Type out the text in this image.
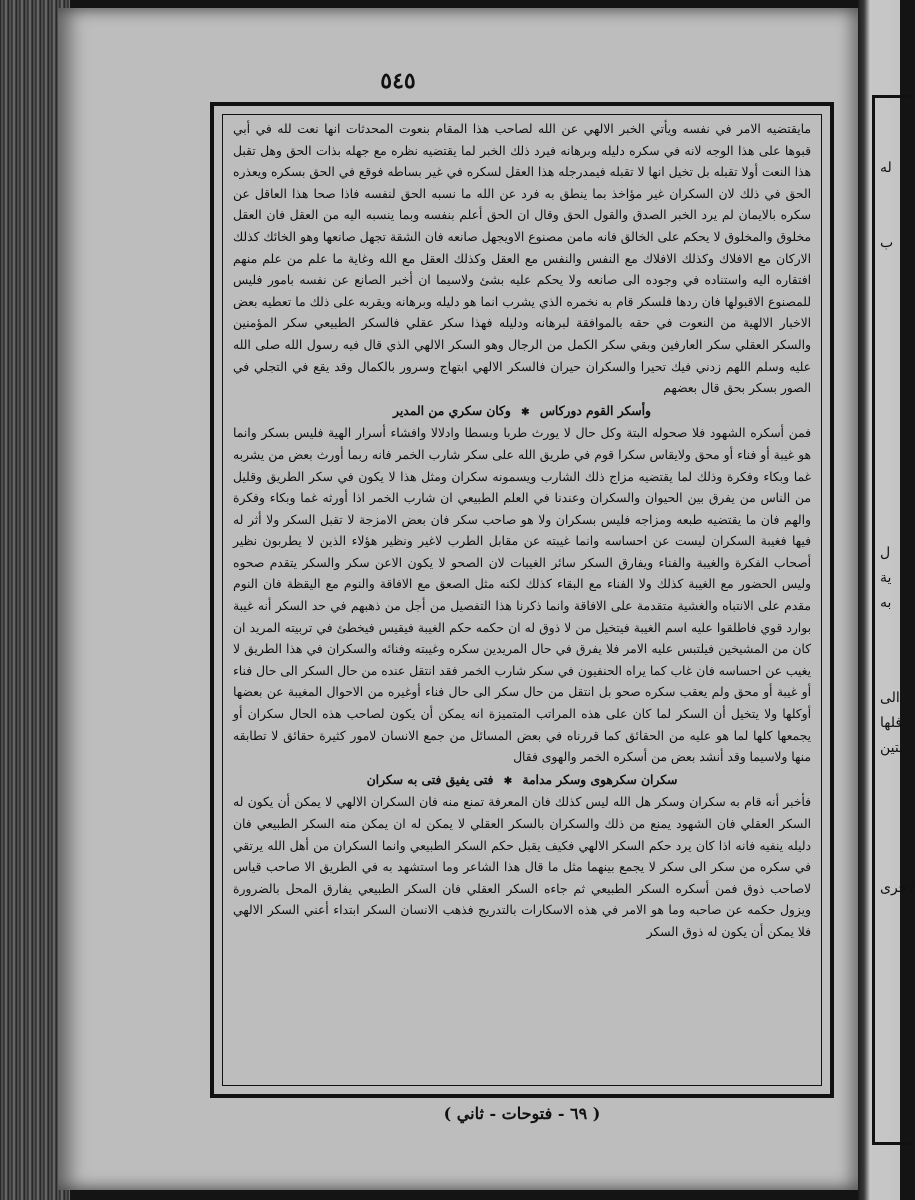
٥٤٥

مايقتضيه الامر في نفسه ويأتي الخبر الالهي عن الله لصاحب هذا المقام بنعوت المحدثات انها نعت لله في أبي قبوها على هذا الوجه لانه في سكره دليله وبرهانه فيرد ذلك الخبر لما يقتضيه نظره مع جهله بذات الحق وهل تقبل هذا النعت أولا تقبله بل تخيل انها لا تقبله فيمدرجله هذا العقل لسكره في غير بساطه فوقع في الحق بسكره ويعذره الحق في ذلك لان السكران غير مؤاخذ بما ينطق به فرد عن الله ما نسبه الحق لنفسه فاذا صحا هذا العاقل عن سكره بالايمان لم يرد الخبر الصدق والقول الحق وقال ان الحق أعلم بنفسه وبما ينسبه اليه من العقل فان العقل مخلوق والمخلوق لا يحكم على الخالق فانه مامن مصنوع الاويجهل صانعه فان الشقة تجهل صانعها وهو الخائك كذلك الاركان مع الافلاك وكذلك الافلاك مع النفس والنفس مع العقل وكذلك العقل مع الله وغاية ما علم من علم منهم افتقاره اليه واستناده في وجوده الى صانعه ولا يحكم عليه بشئ ولاسيما ان أخبر الصانع عن نفسه بامور فليس للمصنوع الاقبولها فان ردها فلسكر قام به نخمره الذي يشرب انما هو دليله وبرهانه ويقربه على ذلك ما تعطيه بعض الاخبار الالهية من النعوت في حقه بالموافقة لبرهانه ودليله فهذا سكر عقلي فالسكر الطبيعي سكر المؤمنين والسكر العقلي سكر العارفين وبقي سكر الكمل من الرجال وهو السكر الالهي الذي قال فيه رسول الله صلى الله عليه وسلم اللهم زدني فيك تحيرا والسكران حيران فالسكر الالهي ابتهاج وسرور بالكمال وقد يقع في التجلي في الصور بسكر بحق قال بعضهم

وأسكر القوم دوركاس ✱ وكان سكري من المدير

فمن أسكره الشهود فلا صحوله البتة وكل حال لا يورث طربا وبسطا وادلالا وافشاء أسرار الهية فليس بسكر وانما هو غيبة أو فناء أو محق ولايقاس سكرا قوم في طريق الله على سكر شارب الخمر فانه ربما أورث بعض من يشربه غما وبكاء وفكرة وذلك لما يقتضيه مزاج ذلك الشارب ويسمونه سكران ومثل هذا لا يكون في سكر الطريق وقليل من الناس من يفرق بين الحيوان والسكران وعندنا في العلم الطبيعي ان شارب الخمر اذا أورثه غما وبكاء وفكرة والهم فان ما يقتضيه طبعه ومزاجه فليس بسكران ولا هو صاحب سكر فان بعض الامزجة لا تقبل السكر ولا أثر له فيها فغيبة السكران ليست عن احساسه وانما غيبته عن مقابل الطرب لاغير ونظير هؤلاء الذين لا يطربون نظير أصحاب الفكرة والغيبة والفناء ويفارق السكر سائر الغيبات لان الصحو لا يكون الاعن سكر والسكر يتقدم صحوه وليس الحضور مع الغيبة كذلك ولا الفناء مع البقاء كذلك لكنه مثل الصعق مع الافاقة والنوم مع اليقظة فان النوم مقدم على الانتباه والغشية متقدمة على الافاقة وانما ذكرنا هذا التفصيل من أجل من ذهبهم في حد السكر أنه غيبة بوارد قوي فاطلقوا عليه اسم الغيبة فيتخيل من لا ذوق له ان حكمه حكم الغيبة فيقيس فيخطئ في تربيته المريد ان كان من المشيخين فيلتبس عليه الامر فلا يفرق في حال المريدين سكره وغيبته وفنائه والسكران في هذا الطريق لا يغيب عن احساسه فان غاب كما يراه الحنفيون في سكر شارب الخمر فقد انتقل عنده من حال السكر الى حال فناء أو غيبة أو محق ولم يعقب سكره صحو بل انتقل من حال سكر الى حال فناء أوغيره من الاحوال المغيبة عن بعضها أوكلها ولا يتخيل أن السكر لما كان على هذه المراتب المتميزة انه يمكن أن يكون لصاحب هذه الحال سكران أو يجمعها كلها لما هو عليه من الحقائق كما قررناه في بعض المسائل من جمع الانسان لامور كثيرة حقائق لا تطابقه منها ولاسيما وقد أنشد بعض من أسكره الخمر والهوى فقال

سكران سكرهوى وسكر مدامة ✱ فتى يفيق فتى به سكران

فأخبر أنه قام به سكران وسكر هل الله ليس كذلك فان المعرفة تمنع منه فان السكران الالهي لا يمكن أن يكون له السكر العقلي فان الشهود يمنع من ذلك والسكران بالسكر العقلي لا يمكن له ان يمكن منه السكر الطبيعي فان دليله ينفيه فانه اذا كان يرد حكم السكر الالهي فكيف يقبل حكم السكر الطبيعي وانما السكران من أهل الله يرتقي في سكره من سكر الى سكر لا يجمع بينهما مثل ما قال هذا الشاعر وما استشهد به في الطريق الا صاحب قياس لاصاحب ذوق فمن أسكره السكر الطبيعي ثم جاءه السكر العقلي فان السكر الطبيعي يفارق المحل بالضرورة ويزول حكمه عن صاحبه وما هو الامر في هذه الاسكارات بالتدريج فذهب الانسان السكر ابتداء أعني السكر الالهي فلا يمكن أن يكون له ذوق السكر

( ٦٩ - فتوحات - ثاني )
له
ب
ل
ية
به
الى
فلها
بتين
لاخرى
